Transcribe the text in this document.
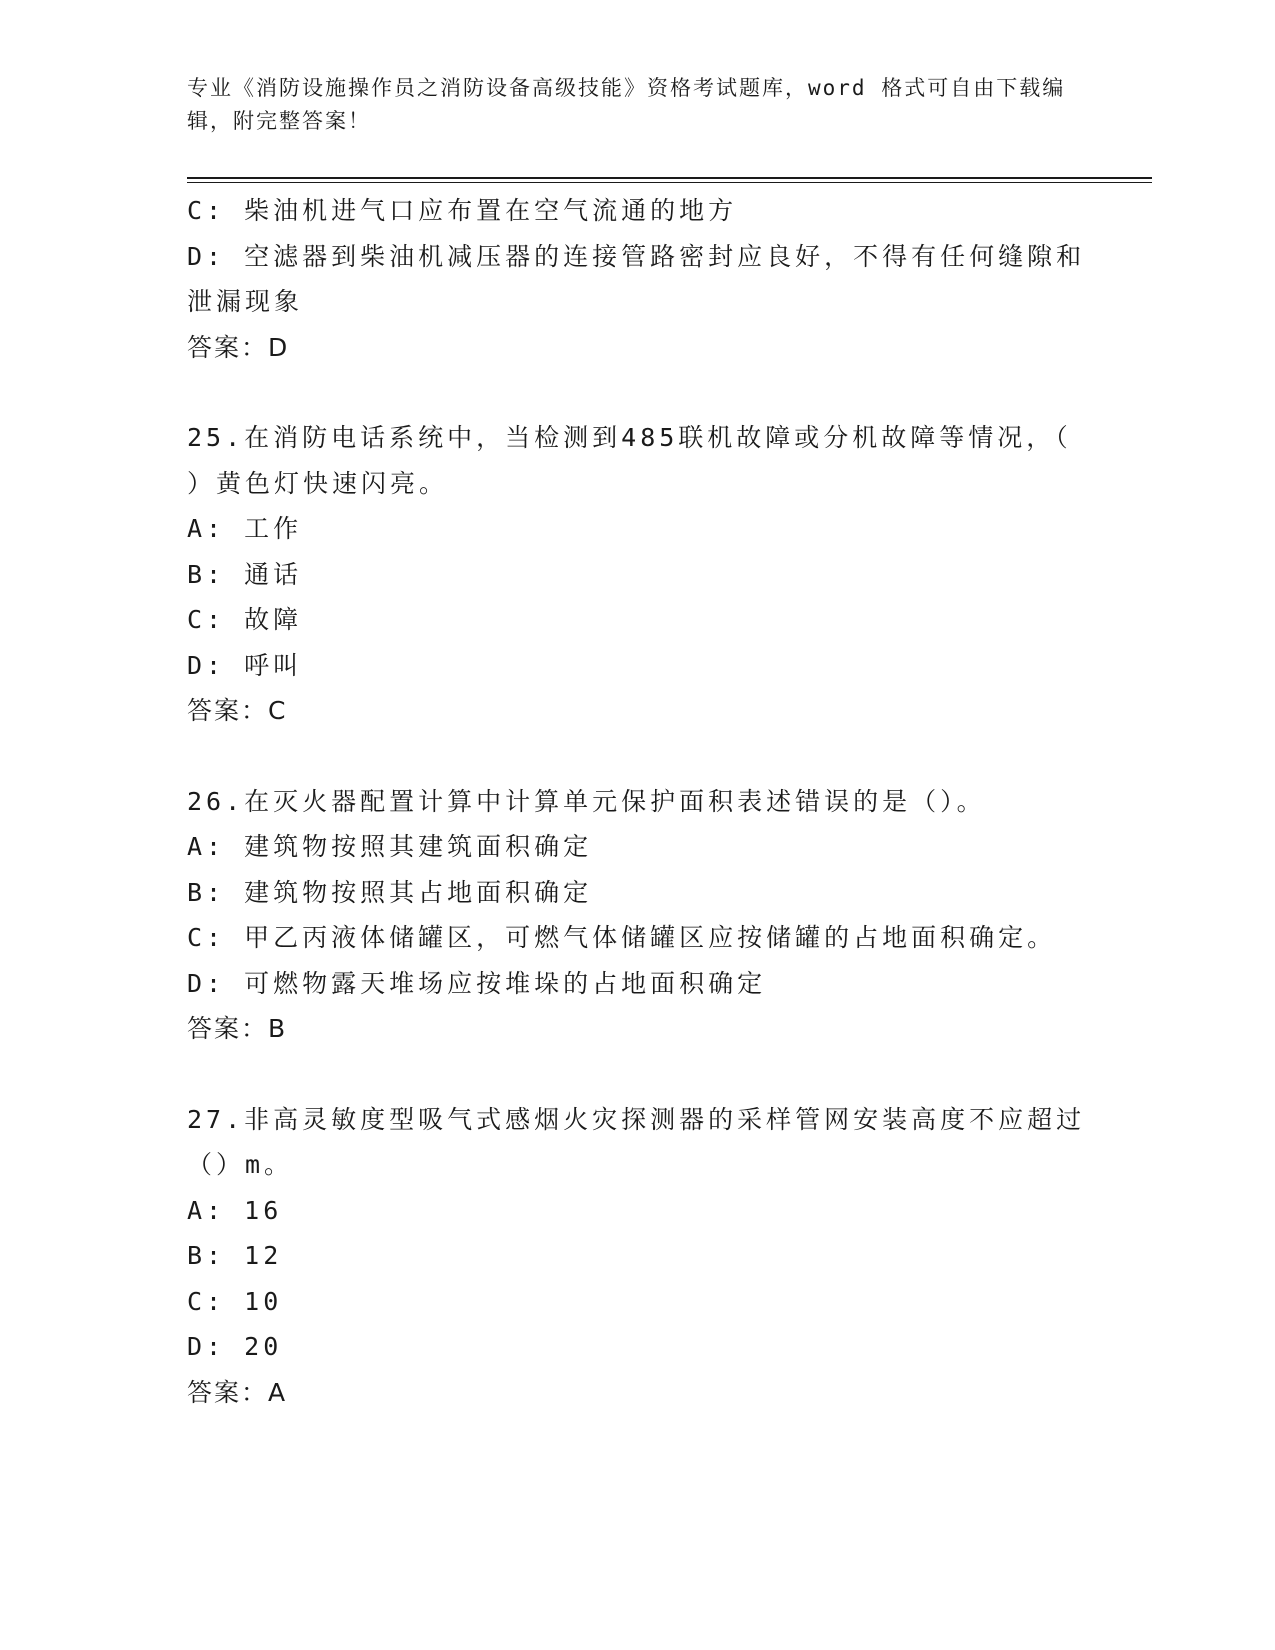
专业《消防设施操作员之消防设备高级技能》资格考试题库，word 格式可自由下载编辑，附完整答案！
C: 柴油机进气口应布置在空气流通的地方
D: 空滤器到柴油机减压器的连接管路密封应良好，不得有任何缝隙和泄漏现象
答案：D
25.在消防电话系统中，当检测到485联机故障或分机故障等情况，（ ）黄色灯快速闪亮。
A: 工作
B: 通话
C: 故障
D: 呼叫
答案：C
26.在灭火器配置计算中计算单元保护面积表述错误的是（）。
A: 建筑物按照其建筑面积确定
B: 建筑物按照其占地面积确定
C: 甲乙丙液体储罐区，可燃气体储罐区应按储罐的占地面积确定。
D: 可燃物露天堆场应按堆垛的占地面积确定
答案：B
27.非高灵敏度型吸气式感烟火灾探测器的采样管网安装高度不应超过（）m。
A: 16
B: 12
C: 10
D: 20
答案：A
